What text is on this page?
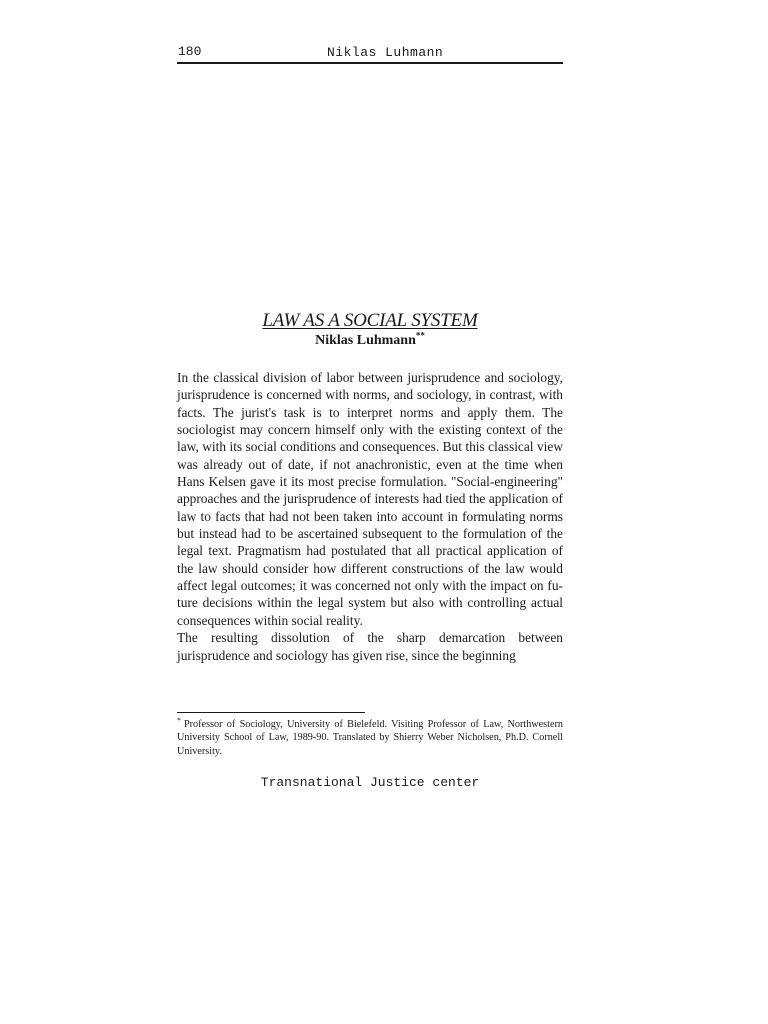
180	Niklas Luhmann
LAW AS A SOCIAL SYSTEM
Niklas Luhmann**

In the classical division of labor between jurisprudence and sociology, jurisprudence is concerned with norms, and sociology, in contrast, with facts. The jurist's task is to interpret norms and apply them. The sociologist may concern himself only with the existing context of the law, with its social conditions and consequences. But this classical view was already out of date, if not anachronistic, even at the time when Hans Kelsen gave it its most precise formulation. "Social-engineering" approaches and the jurisprudence of interests had tied the application of law to facts that had not been taken into account in formulating norms but instead had to be ascertained subsequent to the formulation of the legal text. Pragmatism had postulated that all practical application of the law should consider how different constructions of the law would affect legal outcomes; it was concerned not only with the impact on fu-ture decisions within the legal system but also with controlling actual consequences within social reality.

The resulting dissolution of the sharp demarcation between jurisprudence and sociology has given rise, since the beginning

* Professor of Sociology, University of Bielefeld. Visiting Professor of Law, Northwestern University School of Law, 1989-90. Translated by Shierry Weber Nicholsen, Ph.D. Cornell University.
Transnational Justice center
